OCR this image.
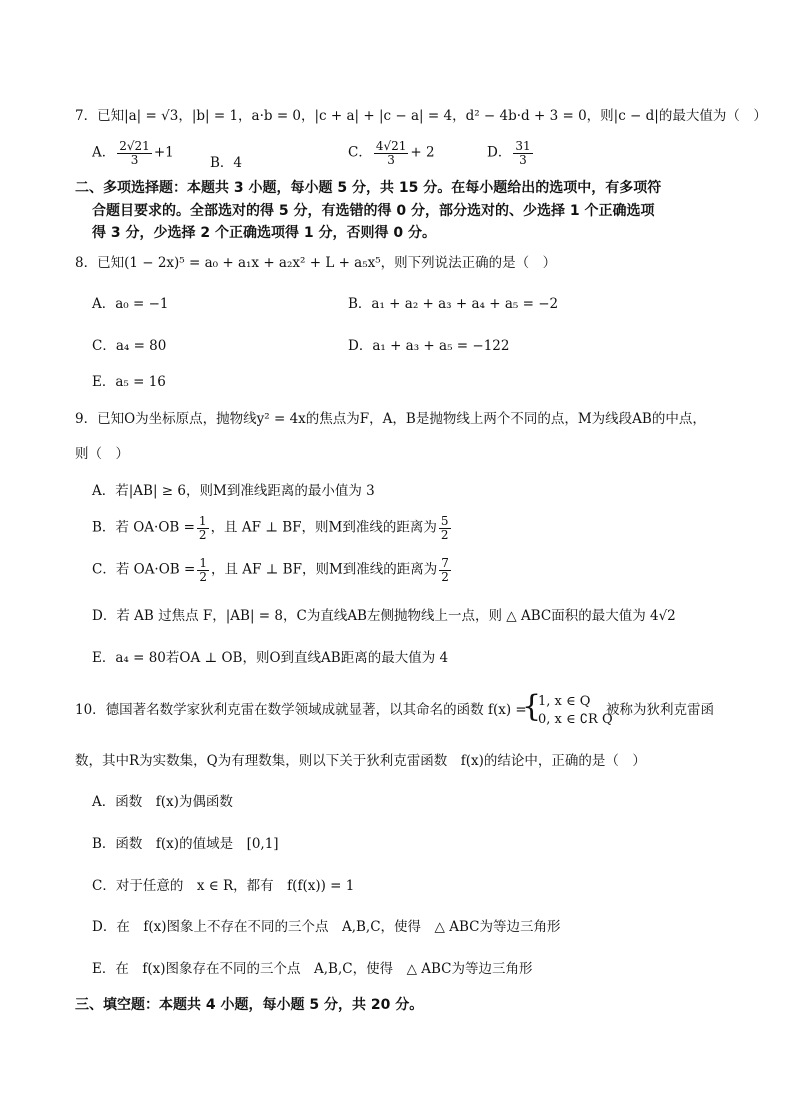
7．已知|a| = √3，|b| = 1，a·b = 0，|c + a| + |c − a| = 4，d² − 4b·d + 3 = 0，则|c − d|的最大值为（　）
A． $\frac{2√21}{3} +1$
B．4
C． $\frac{4√21}{3} + 2$	D． $\frac{31}{3}$
二、多项选择题：本题共 3 小题，每小题 5 分，共 15 分。在每小题给出的选项中，有多项符
合题目要求的。全部选对的得 5 分，有选错的得 0 分，部分选对的、少选择 1 个正确选项
得 3 分，少选择 2 个正确选项得 1 分，否则得 0 分。
8．已知(1 − 2x)⁵ = a₀ + a₁x + a₂x² + L + a₅x⁵，则下列说法正确的是（　）
A．a₀ = −1	B．a₁ + a₂ + a₃ + a₄ + a₅ = −2
C．a₄ = 80	D．a₁ + a₃ + a₅ = −122
E．a₅ = 16
9．已知O为坐标原点，抛物线y² = 4x的焦点为F，A，B是抛物线上两个不同的点，M为线段AB的中点，
则（　）
A．若|AB| ≥ 6，则M到准线距离的最小值为 3
B．若 $OA\cdot OB = \frac{1}{2}$ ，且 AF ⊥ BF，则M到准线的距离为 $\frac{5}{2}$
C．若 $OA\cdot OB = \frac{1}{2}$ ，且 AF ⊥ BF，则M到准线的距离为 $\frac{7}{2}$
D．若 AB 过焦点 F，|AB| = 8，C为直线AB左侧抛物线上一点，则 △ ABC面积的最大值为 4√2
E．a₄ = 80若OA ⊥ OB，则O到直线AB距离的最大值为 4
10．德国著名数学家狄利克雷在数学领域成就显著，以其命名的函数 f(x) =
{
1, x ∈ Q
0, x ∈ ∁R Q
被称为狄利克雷函
数，其中R为实数集，Q为有理数集，则以下关于狄利克雷函数　f(x)的结论中，正确的是（　）
A．函数　f(x)为偶函数
B．函数　f(x)的值域是　[0,1]
C．对于任意的　x ∈ R，都有　f(f(x)) = 1
D．在　f(x)图象上不存在不同的三个点　A,B,C，使得　△ ABC为等边三角形
E．在　f(x)图象存在不同的三个点　A,B,C，使得　△ ABC为等边三角形
三、填空题：本题共 4 小题，每小题 5 分，共 20 分。
